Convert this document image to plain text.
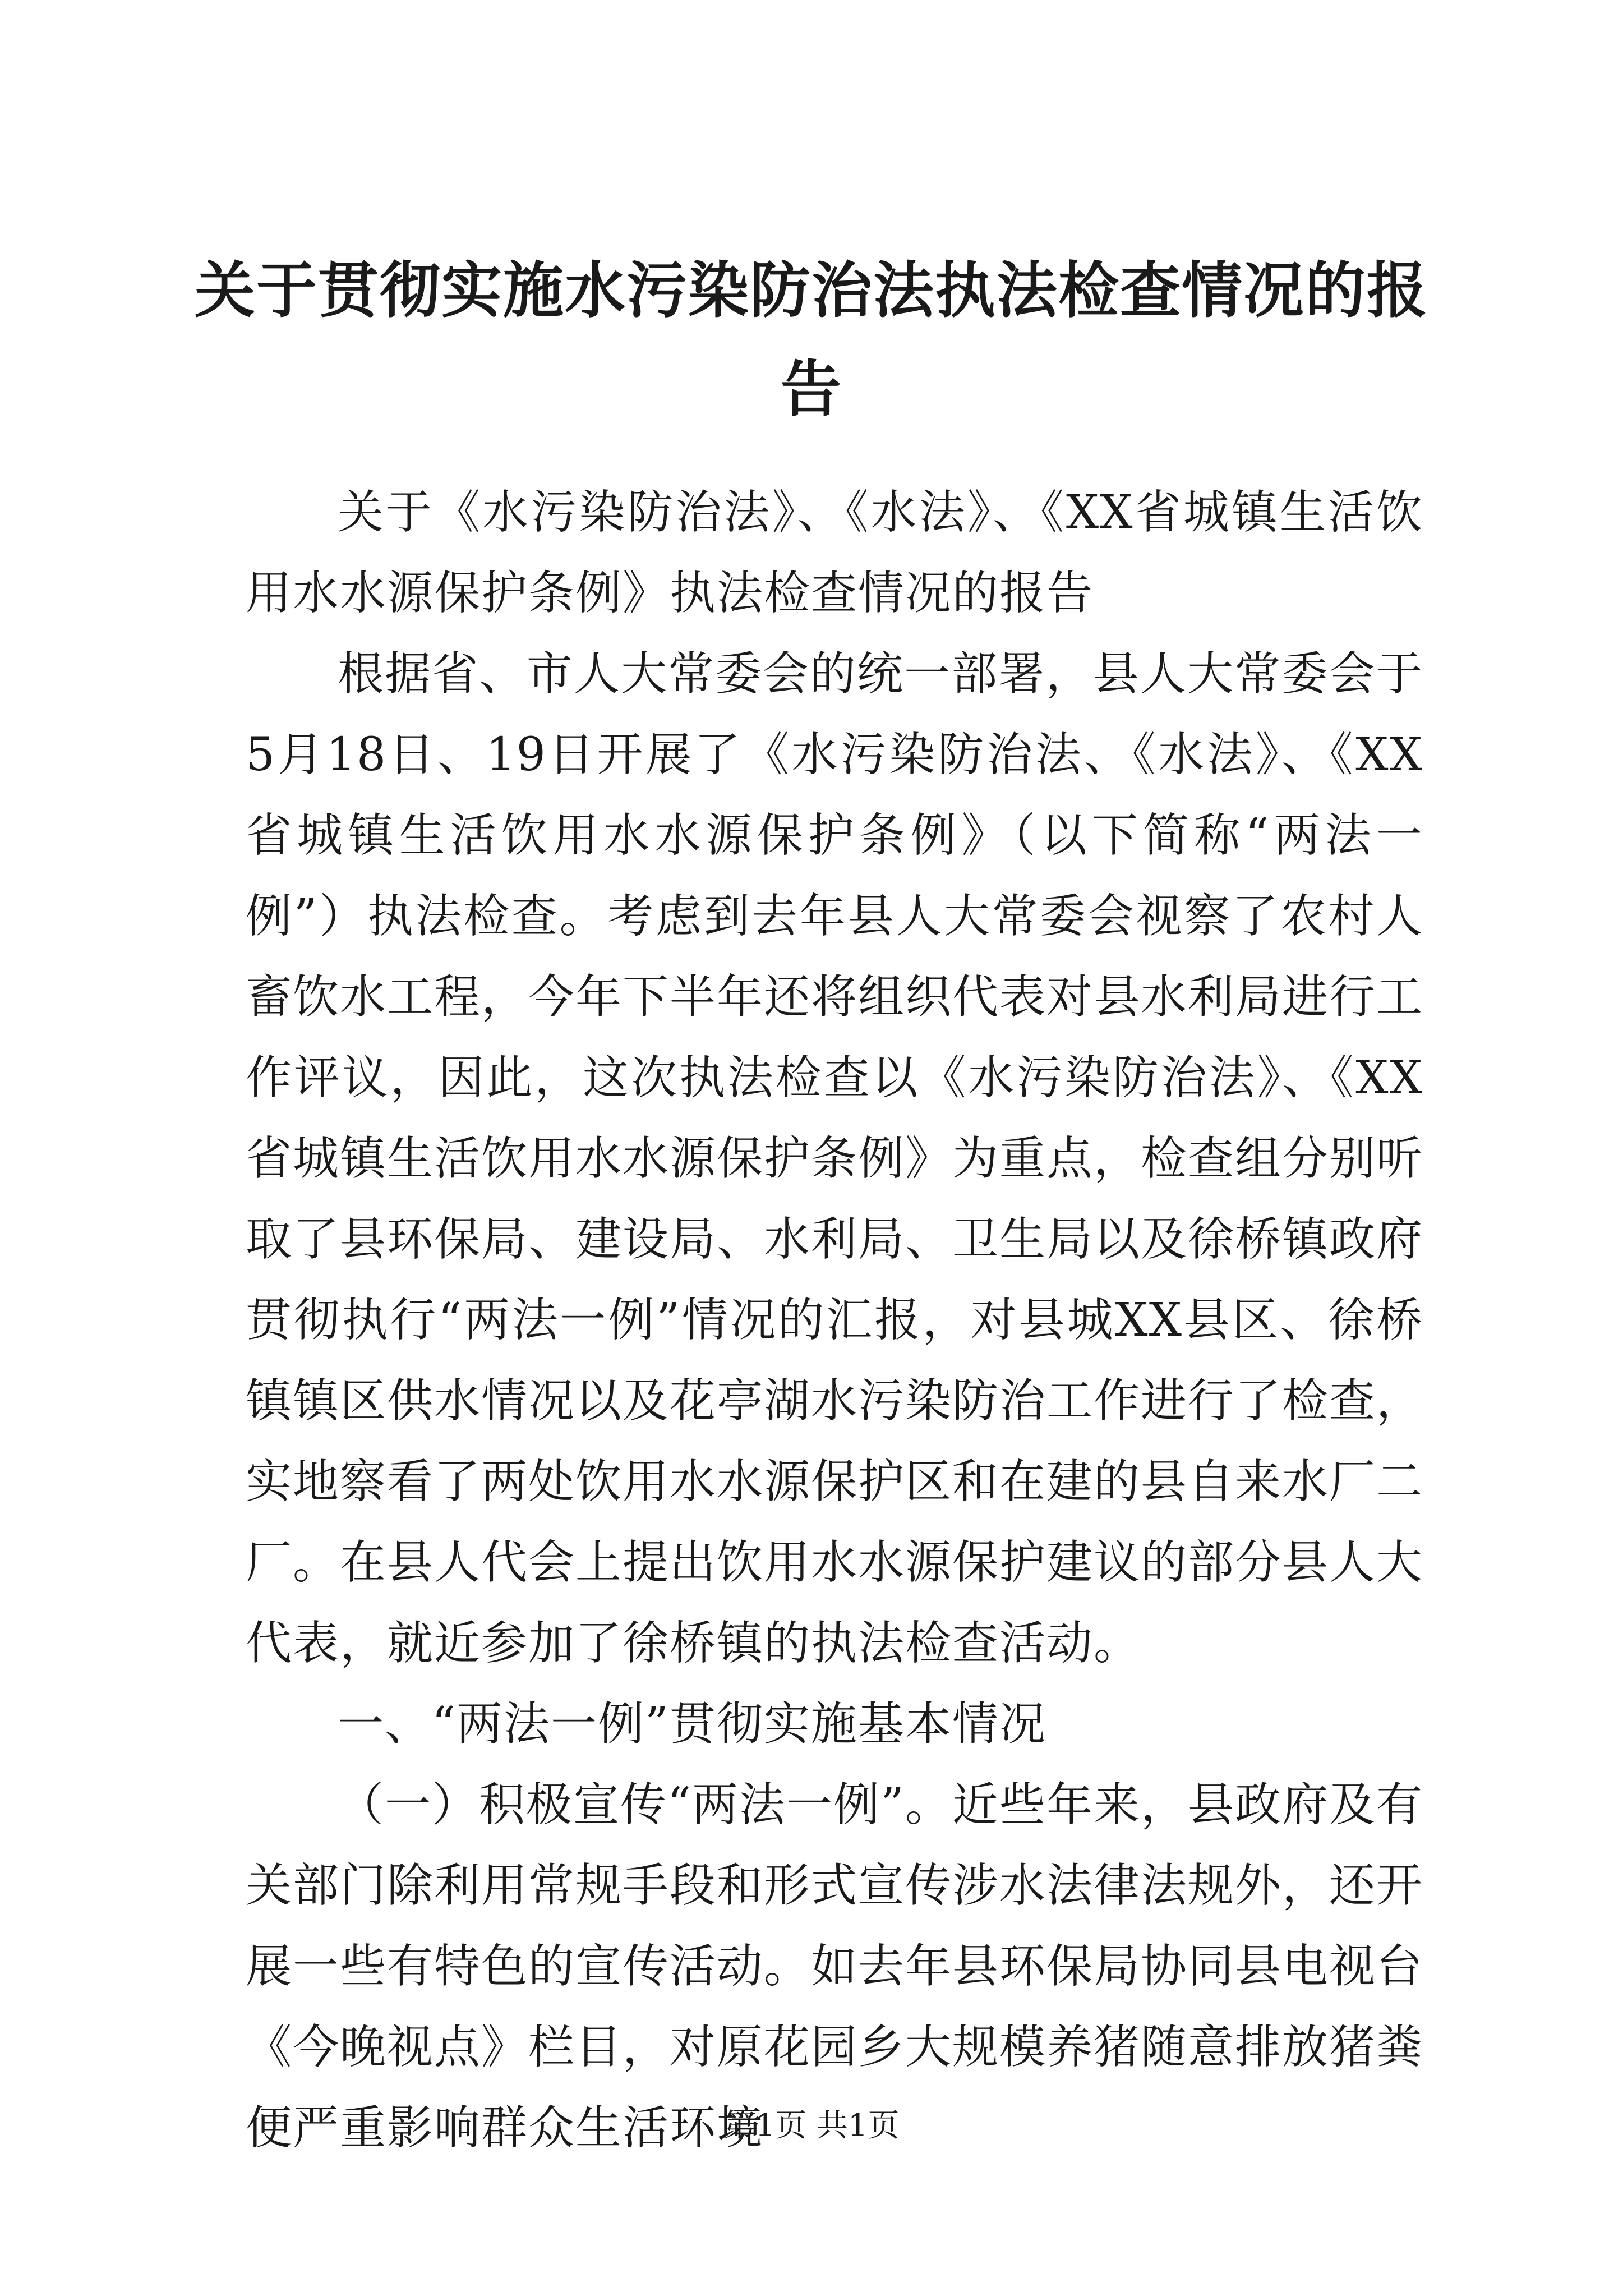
关于贯彻实施水污染防治法执法检查情况的报告

关于《水污染防治法》、《水法》、《XX省城镇生活饮用水水源保护条例》执法检查情况的报告

根据省、市人大常委会的统一部署，县人大常委会于5月18日、19日开展了《水污染防治法、《水法》、《XX省城镇生活饮用水水源保护条例》（以下简称“两法一例”）执法检查。考虑到去年县人大常委会视察了农村人畜饮水工程，今年下半年还将组织代表对县水利局进行工作评议，因此，这次执法检查以《水污染防治法》、《XX省城镇生活饮用水水源保护条例》为重点，检查组分别听取了县环保局、建设局、水利局、卫生局以及徐桥镇政府贯彻执行“两法一例”情况的汇报，对县城XX县区、徐桥镇镇区供水情况以及花亭湖水污染防治工作进行了检查，实地察看了两处饮用水水源保护区和在建的县自来水厂二厂。在县人代会上提出饮用水水源保护建议的部分县人大代表，就近参加了徐桥镇的执法检查活动。

一、“两法一例”贯彻实施基本情况

（一）积极宣传“两法一例”。近些年来，县政府及有关部门除利用常规手段和形式宣传涉水法律法规外，还开展一些有特色的宣传活动。如去年县环保局协同县电视台《今晚视点》栏目，对原花园乡大规模养猪随意排放猪粪便严重影响群众生活环境

第1页 共1页
